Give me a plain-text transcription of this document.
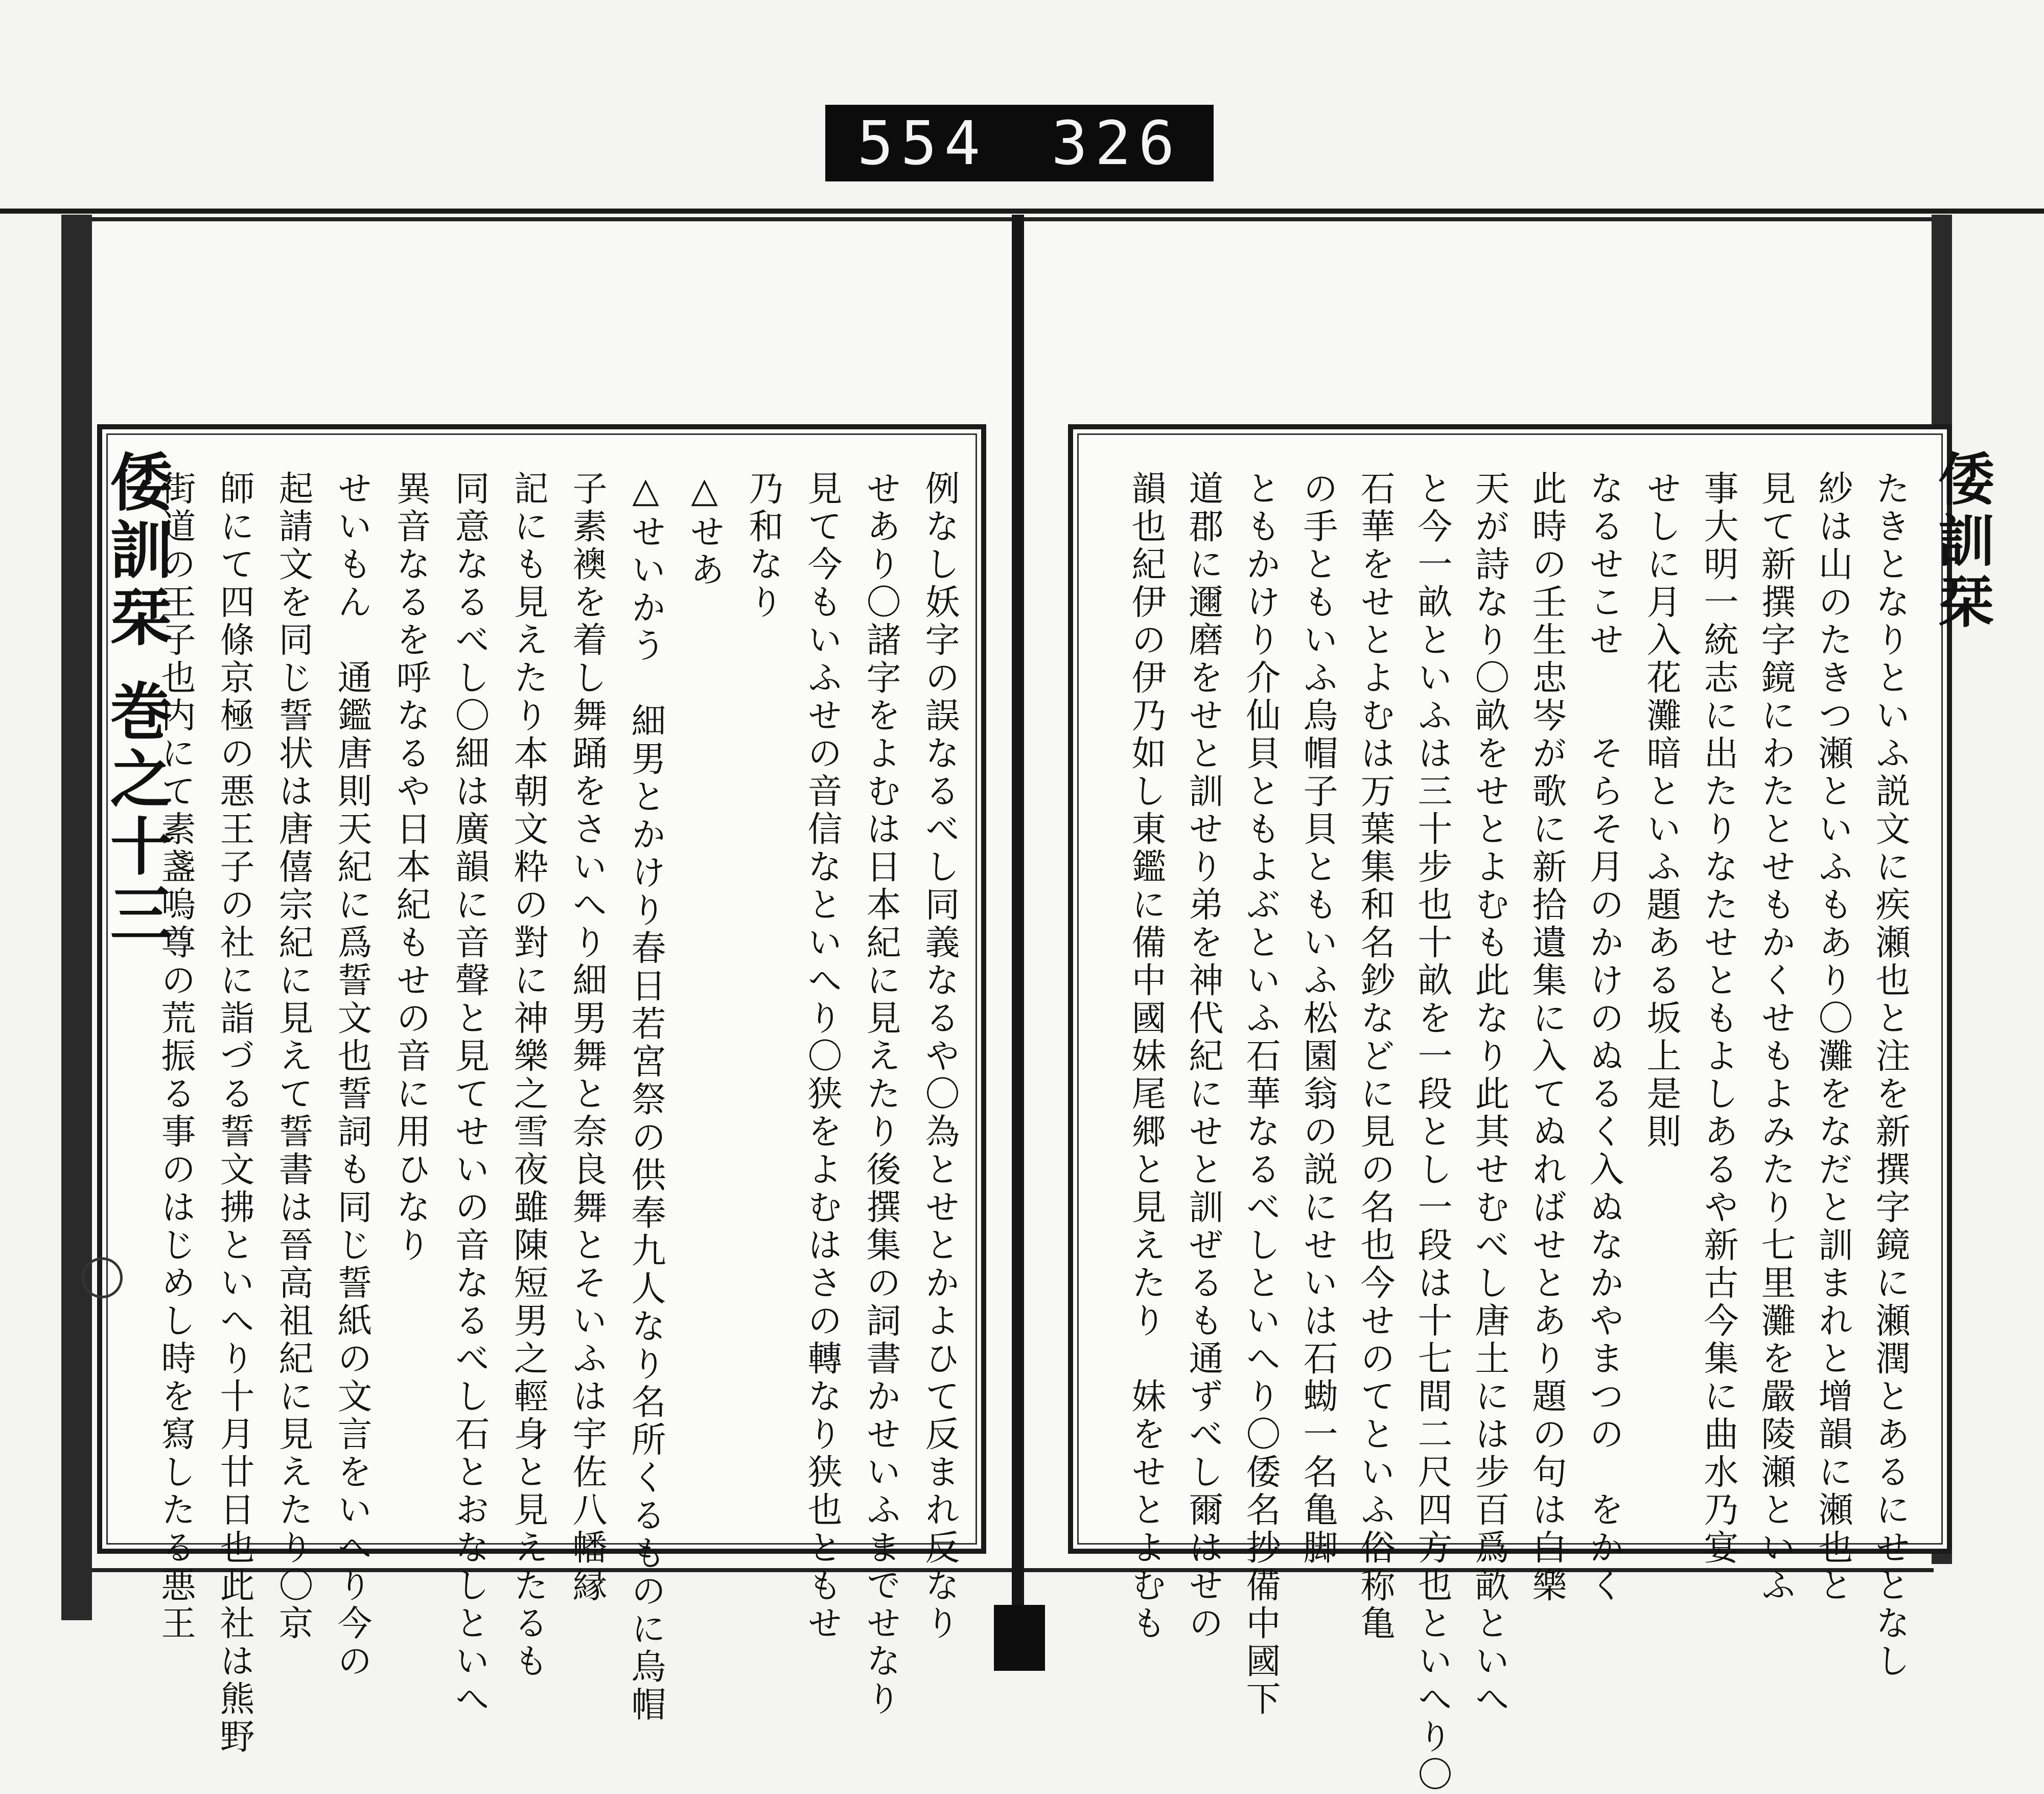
554 326
倭訓栞 巻之十三	倭訓栞
例なし妖字の誤なるべし同義なるや〇為とせとかよひて反まれ反なり
せあり〇諸字をよむは日本紀に見えたり後撰集の詞書かせいふまでせなり
見て今もいふせの音信なといへり〇狭をよむはさの轉なり狭也ともせ
乃和なり
△せあ
△せいかう　細男とかけり春日若宮祭の供奉九人なり名所くるものに烏帽
子素襖を着し舞踊をさいへり細男舞と奈良舞とそいふは宇佐八幡縁
記にも見えたり本朝文粋の對に神樂之雪夜雖陳短男之輕身と見えたるも
同意なるべし〇細は廣韻に音聲と見てせいの音なるべし石とおなしといへ
異音なるを呼なるや日本紀もせの音に用ひなり
せいもん　通鑑唐則天紀に爲誓文也誓詞も同じ誓紙の文言をいへり今の
起請文を同じ誓状は唐僖宗紀に見えて誓書は晉高祖紀に見えたり〇京
師にて四條京極の悪王子の社に詣づる誓文拂といへり十月廿日也此社は熊野
街道の王子也内にて素盞嗚尊の荒振る事のはじめし時を寫したる悪王	たきとなりといふ説文に疾瀬也と注を新撰字鏡に瀬潤とあるにせとなし
紗は山のたきつ瀬といふもあり〇灘をなだと訓まれと增韻に瀬也と
見て新撰字鏡にわたとせもかくせもよみたり七里灘を嚴陵瀬といふ
事大明一統志に出たりなたせともよしあるや新古今集に曲水乃宴
せしに月入花灘暗といふ題ある坂上是則
なるせこせ　　そらそ月のかけのぬるく入ぬなかやまつの　をかく
此時の壬生忠岑が歌に新拾遺集に入てぬればせとあり題の句は白樂
天が詩なり〇畝をせとよむも此なり此其せむべし唐土には步百爲畝といへ
と今一畝といふは三十步也十畝を一段とし一段は十七間二尺四方也といへり〇
石華をせとよむは万葉集和名鈔などに見の名也今せのてといふ俗称亀
の手ともいふ烏帽子貝ともいふ松園翁の説にせいは石蜐一名亀脚
ともかけり介仙貝ともよぶといふ石華なるべしといへり〇倭名抄備中國下
道郡に邇磨をせと訓せり弟を神代紀にせと訓ぜるも通ずべし爾はせの
韻也紀伊の伊乃如し東鑑に備中國妹尾郷と見えたり　妹をせとよむも
